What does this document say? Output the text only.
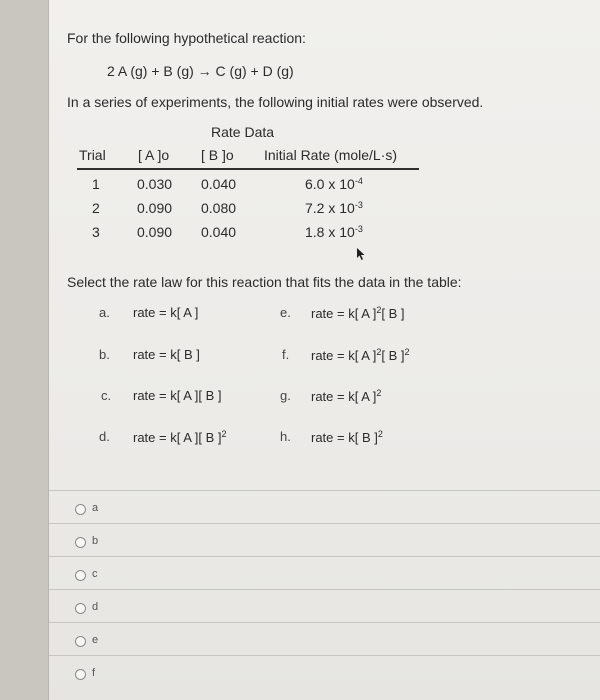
For the following hypothetical reaction:
2 A (g) + B (g) → C (g) + D (g)
In a series of experiments, the following initial rates were observed.
Rate Data
Trial [ A ]o [ B ]o Initial Rate (mole/L·s)
1	0.030 0.040	6.0 x $10^{-4}$
2	0.090 0.080	7.2 x $10^{-3}$
3	0.090 0.040	1.8 x $10^{-3}$
Select the rate law for this reaction that fits the data in the table:
a. rate = k[ A ]
b. rate = k[ B ]
c. rate = k[ A ][ B ]
d. rate = k[ A ][ B ]$^2$
e. rate = k[ A ]$^2$[ B ]
f. rate = k[ A ]$^2$[ B ]$^2$
g. rate = k[ A ]$^2$
h. rate = k[ B ]$^2$
a
b
c
d
e
f
